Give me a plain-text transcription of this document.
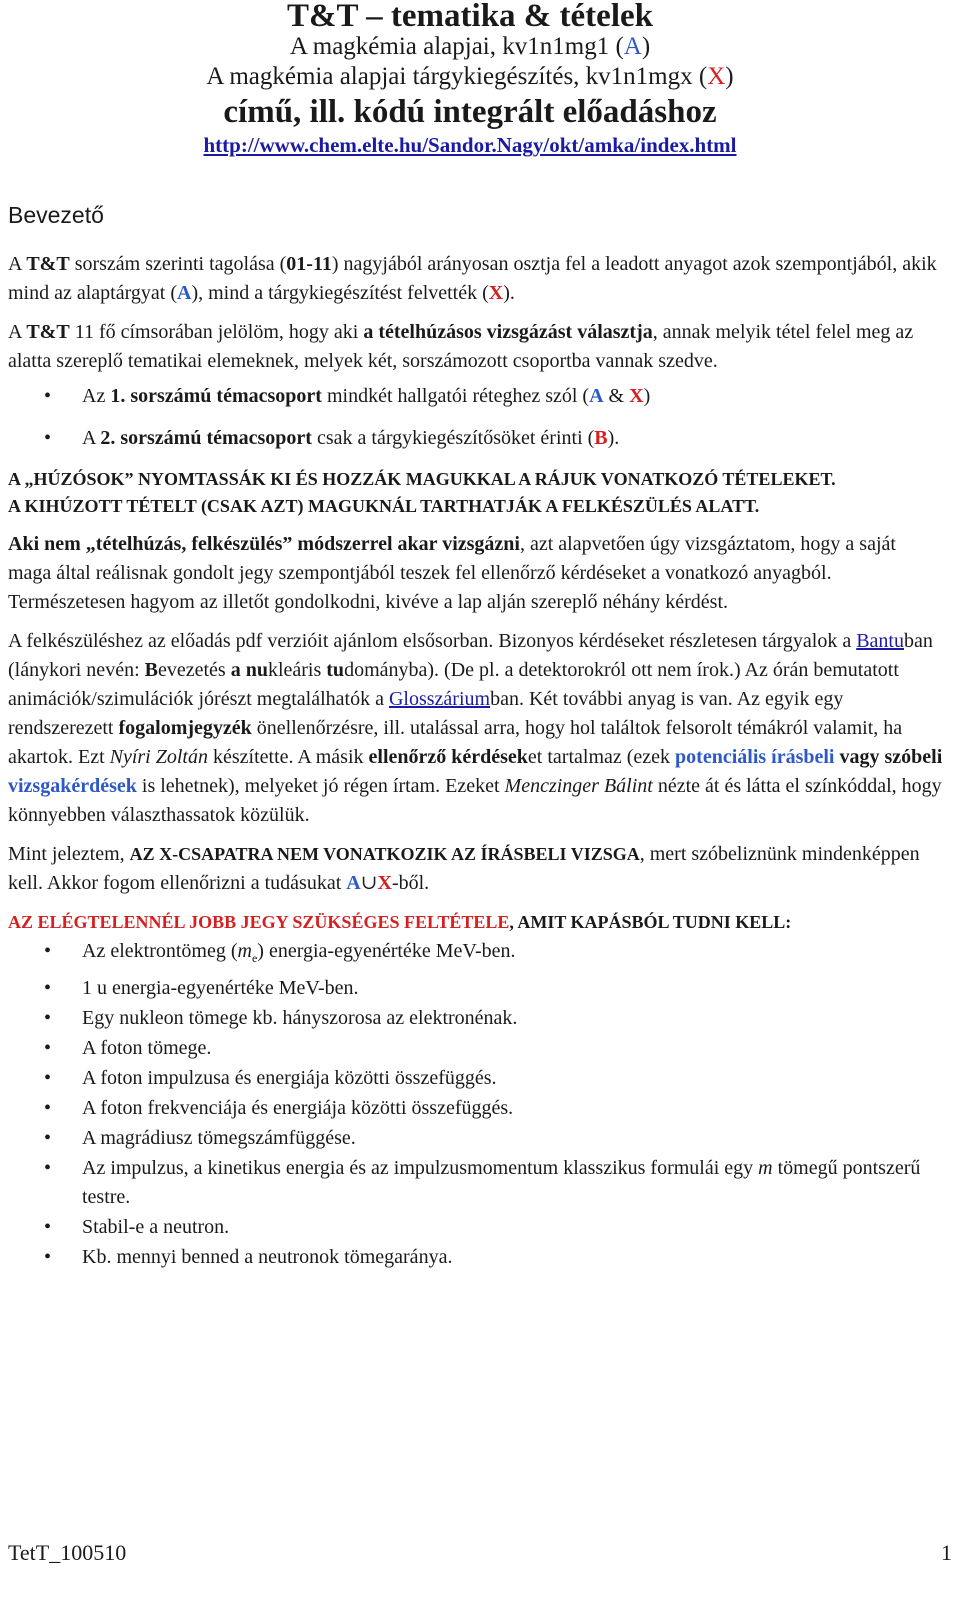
T&T – tematika & tételek
A magkémia alapjai, kv1n1mg1 (A)
A magkémia alapjai tárgykiegészítés, kv1n1mgx (X)
című, ill. kódú integrált előadáshoz
http://www.chem.elte.hu/Sandor.Nagy/okt/amka/index.html
Bevezető

A T&T sorszám szerinti tagolása (01-11) nagyjából arányosan osztja fel a leadott anyagot azok szempontjából, akik mind az alaptárgyat (A), mind a tárgykiegészítést felvették (X).

A T&T 11 fő címsorában jelölöm, hogy aki a tételhúzásos vizsgázást választja, annak melyik tétel felel meg az alatta szereplő tematikai elemeknek, melyek két, sorszámozott csoportba vannak szedve.

• Az 1. sorszámú témacsoport mindkét hallgatói réteghez szól (A & X)
• A 2. sorszámú témacsoport csak a tárgykiegészítősöket érinti (B).

A „HÚZÓSOK” NYOMTASSÁK KI ÉS HOZZÁK MAGUKKAL A RÁJUK VONATKOZÓ TÉTELEKET.
A KIHÚZOTT TÉTELT (CSAK AZT) MAGUKNÁL TARTHATJÁK A FELKÉSZÜLÉS ALATT.

Aki nem „tételhúzás, felkészülés” módszerrel akar vizsgázni, azt alapvetően úgy vizsgáztatom, hogy a saját maga által reálisnak gondolt jegy szempontjából teszek fel ellenőrző kérdéseket a vonatkozó anyagból. Természetesen hagyom az illetőt gondolkodni, kivéve a lap alján szereplő néhány kérdést.

A felkészüléshez az előadás pdf verzióit ajánlom elsősorban. Bizonyos kérdéseket részletesen tárgyalok a Bantuban (lánykori nevén: Bevezetés a nukleáris tudományba). (De pl. a detektorokról ott nem írok.) Az órán bemutatott animációk/szimulációk jórészt megtalálhatók a Glosszáriumban. Két további anyag is van. Az egyik egy rendszerezett fogalomjegyzék önellenőrzésre, ill. utalással arra, hogy hol találtok felsorolt témákról valamit, ha akartok. Ezt Nyíri Zoltán készítette. A másik ellenőrző kérdéseket tartalmaz (ezek potenciális írásbeli vagy szóbeli vizsgakérdések is lehetnek), melyeket jó régen írtam. Ezeket Menczinger Bálint nézte át és látta el színkóddal, hogy könnyebben választhassatok közülük.

Mint jeleztem, AZ X-CSAPATRA NEM VONATKOZIK AZ ÍRÁSBELI VIZSGA, mert szóbeliznünk mindenképpen kell. Akkor fogom ellenőrizni a tudásukat A∪X-ből.

AZ ELÉGTELENNÉL JOBB JEGY SZÜKSÉGES FELTÉTELE, AMIT KAPÁSBÓL TUDNI KELL:

• Az elektrontömeg $(m_e)$ energia-egyenértéke MeV-ben.
• 1 u energia-egyenértéke MeV-ben.
• Egy nukleon tömege kb. hányszorosa az elektronénak.
• A foton tömege.
• A foton impulzusa és energiája közötti összefüggés.
• A foton frekvenciája és energiája közötti összefüggés.
• A magrádiusz tömegszámfüggése.
• Az impulzus, a kinetikus energia és az impulzusmomentum klasszikus formulái egy m tömegű pontszerű testre.
• Stabil-e a neutron.
• Kb. mennyi benned a neutronok tömegaránya.
TetT_100510	1
